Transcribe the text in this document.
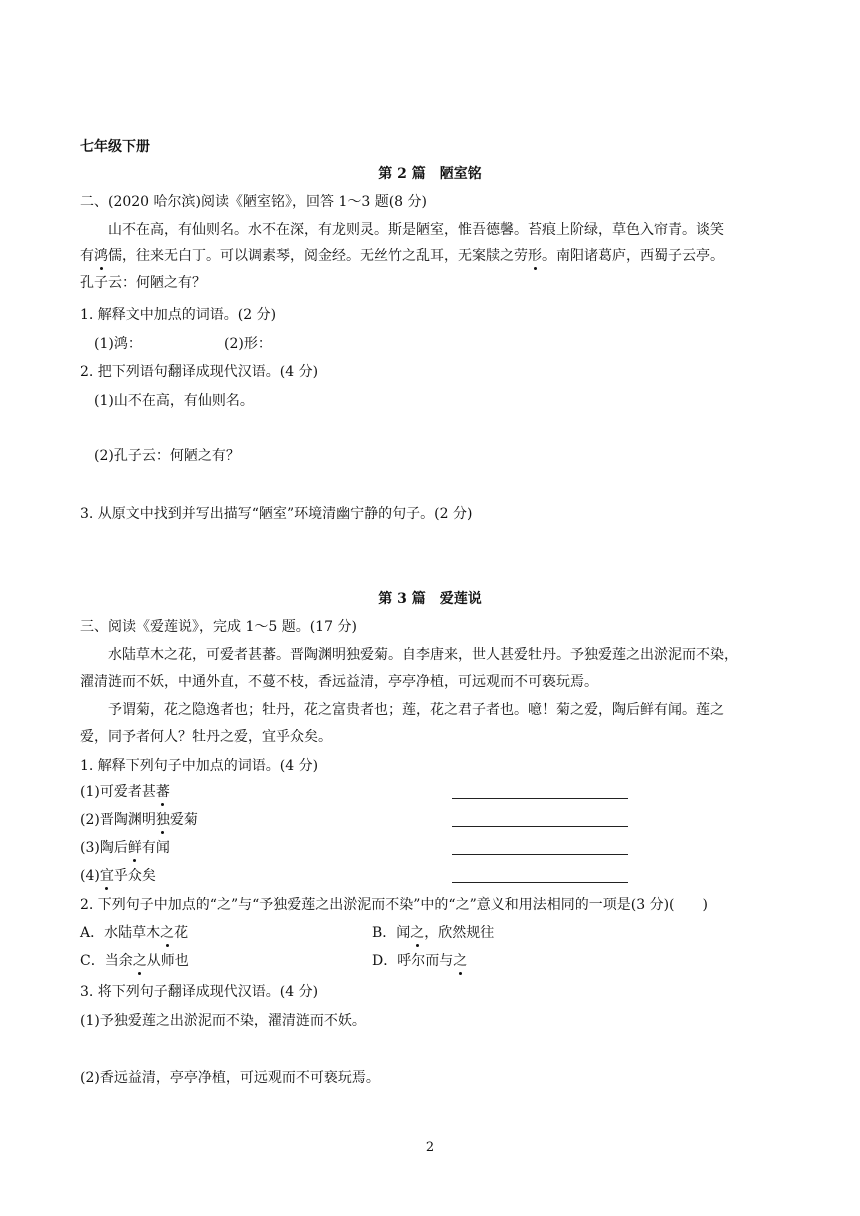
七年级下册
第 2 篇　陋室铭
二、(2020 哈尔滨)阅读《陋室铭》，回答 1～3 题(8 分)
山不在高，有仙则名。水不在深，有龙则灵。斯是陋室，惟吾德馨。苔痕上阶绿，草色入帘青。谈笑
有鸿儒，往来无白丁。可以调素琴，阅金经。无丝竹之乱耳，无案牍之劳形。南阳诸葛庐，西蜀子云亭。
孔子云：何陋之有？
1. 解释文中加点的词语。(2 分)
(1)鸿：	(2)形：
2. 把下列语句翻译成现代汉语。(4 分)
(1)山不在高，有仙则名。
(2)孔子云：何陋之有？
3. 从原文中找到并写出描写“陋室”环境清幽宁静的句子。(2 分)
第 3 篇　爱莲说
三、阅读《爱莲说》，完成 1～5 题。(17 分)
水陆草木之花，可爱者甚蕃。晋陶渊明独爱菊。自李唐来，世人甚爱牡丹。予独爱莲之出淤泥而不染，
濯清涟而不妖，中通外直，不蔓不枝，香远益清，亭亭净植，可远观而不可亵玩焉。
予谓菊，花之隐逸者也；牡丹，花之富贵者也；莲，花之君子者也。噫！菊之爱，陶后鲜有闻。莲之
爱，同予者何人？牡丹之爱，宜乎众矣。
1. 解释下列句子中加点的词语。(4 分)
(1)可爱者甚蕃
(2)晋陶渊明独爱菊
(3)陶后鲜有闻
(4)宜乎众矣
2. 下列句子中加点的“之”与“予独爱莲之出淤泥而不染”中的“之”意义和用法相同的一项是(3 分)(　　)
A．水陆草木之花	B．闻之，欣然规往
C．当余之从师也	D．呼尔而与之
3. 将下列句子翻译成现代汉语。(4 分)
(1)予独爱莲之出淤泥而不染，濯清涟而不妖。
(2)香远益清，亭亭净植，可远观而不可亵玩焉。
2
